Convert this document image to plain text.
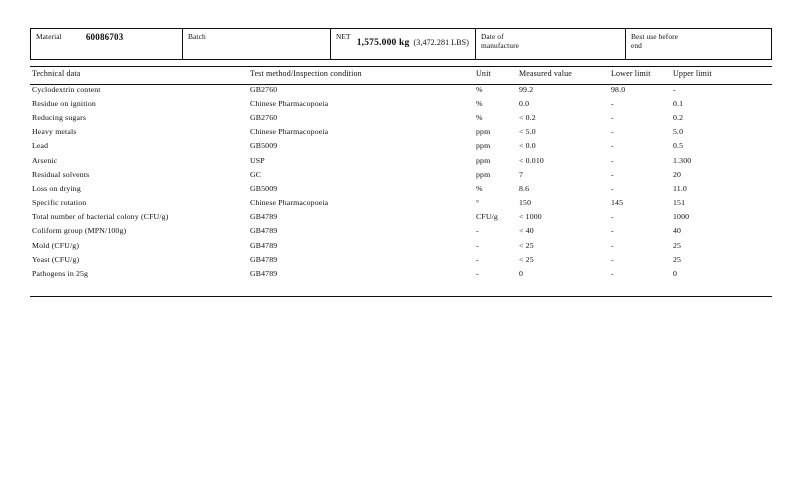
Material	60086703	Batch	NET
1,575.000 kg (3,472.281 LBS)
Date of
manufacture
Best use before
end
Technical data	Test method/Inspection condition	Unit	Measured value	Lower limit	Upper limit
Cyclodextrin content	GB2760	%	99.2	98.0	-
Residue on ignition	Chinese Pharmacopoeia	%	0.0	-	0.1
Reducing sugars	GB2760	%	< 0.2	-	0.2
Heavy metals	Chinese Pharmacopoeia	ppm	< 5.0	-	5.0
Lead	GB5009	ppm	< 0.0	-	0.5
Arsenic	USP	ppm	< 0.010	-	1.300
Residual solvents	GC	ppm	7	-	20
Loss on drying	GB5009	%	8.6	-	11.0
Specific rotation	Chinese Pharmacopoeia	°	150	145	151
Total number of bacterial colony (CFU/g)	GB4789	CFU/g	< 1000	-	1000
Coliform group (MPN/100g)	GB4789	-	< 40	-	40
Mold (CFU/g)	GB4789	-	< 25	-	25
Yeast (CFU/g)	GB4789	-	< 25	-	25
Pathogens in 25g	GB4789	-	0	-	0
